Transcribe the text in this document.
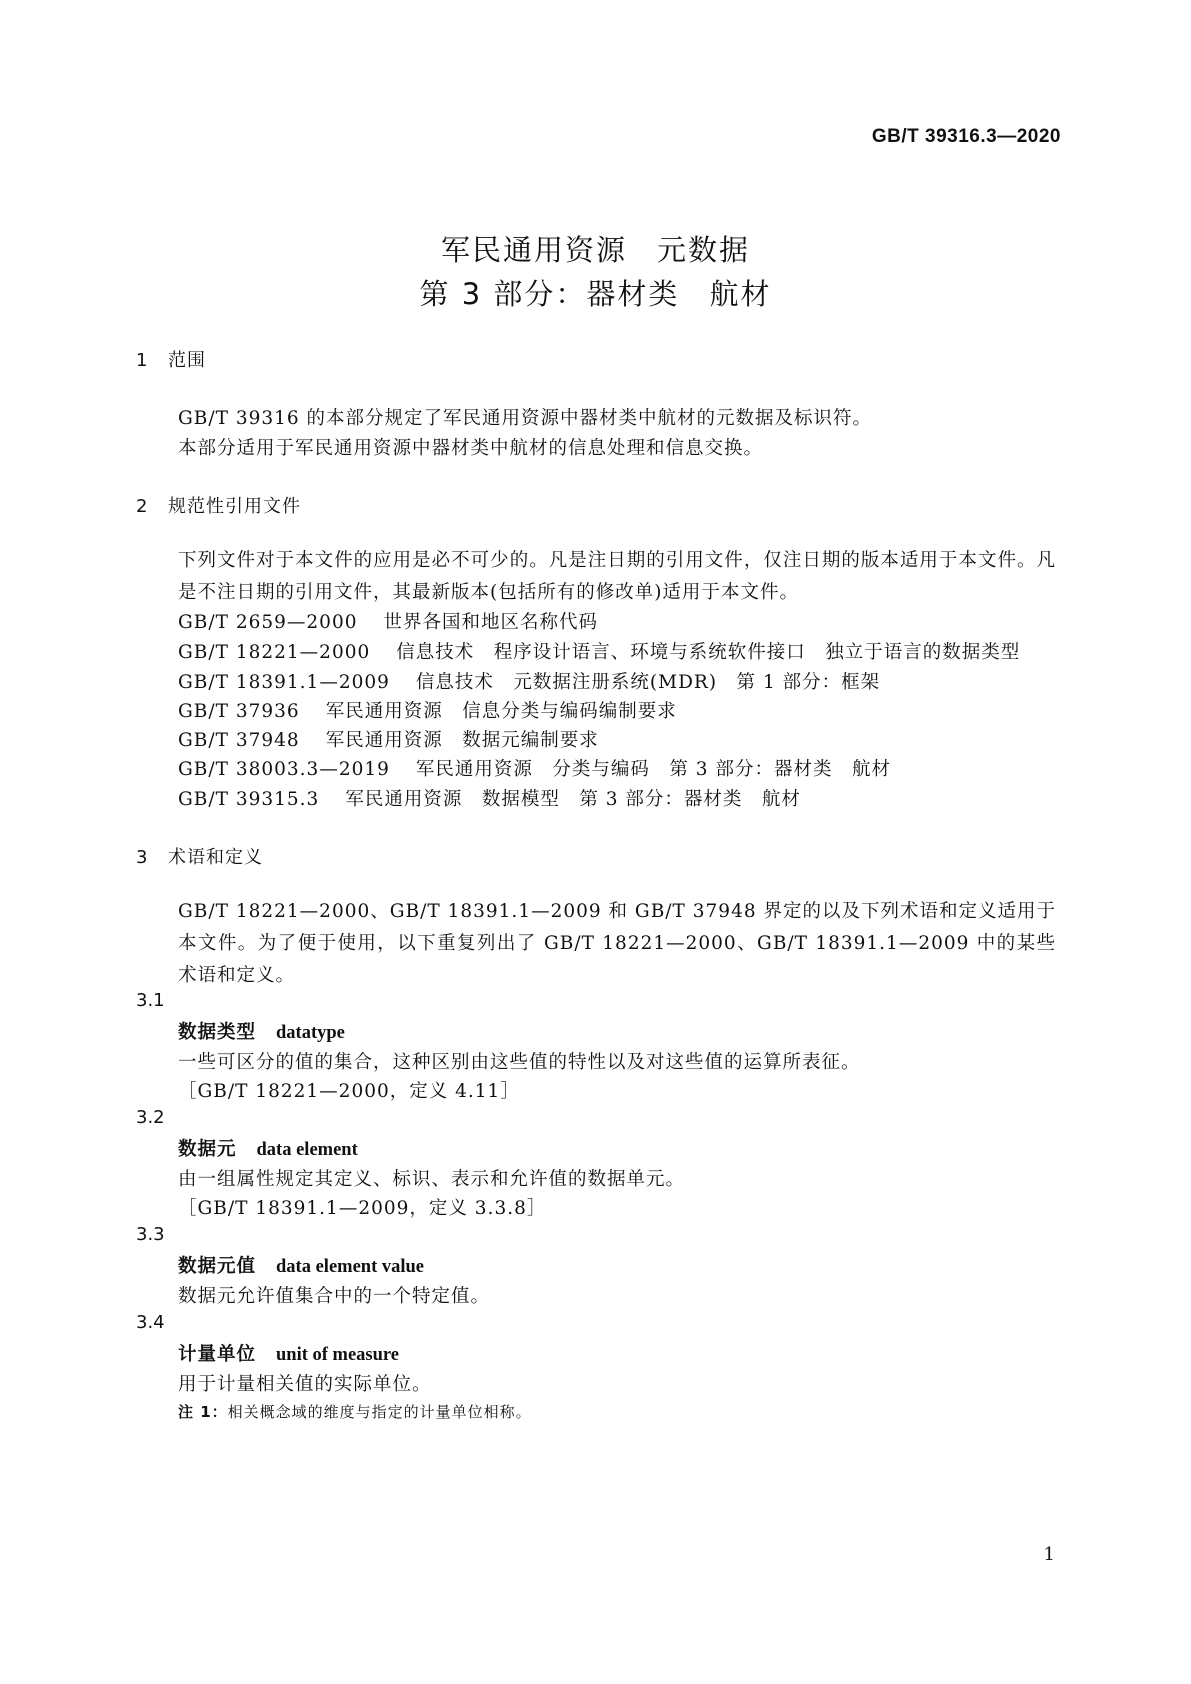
GB/T 39316.3—2020
军民通用资源 元数据
第 3 部分：器材类 航材
1 范围
GB/T 39316 的本部分规定了军民通用资源中器材类中航材的元数据及标识符。
本部分适用于军民通用资源中器材类中航材的信息处理和信息交换。
2 规范性引用文件
下列文件对于本文件的应用是必不可少的。凡是注日期的引用文件，仅注日期的版本适用于本文件。凡是不注日期的引用文件，其最新版本(包括所有的修改单)适用于本文件。
GB/T 2659—2000 世界各国和地区名称代码
GB/T 18221—2000 信息技术　程序设计语言、环境与系统软件接口　独立于语言的数据类型
GB/T 18391.1—2009 信息技术　元数据注册系统(MDR)　第 1 部分：框架
GB/T 37936 军民通用资源　信息分类与编码编制要求
GB/T 37948 军民通用资源　数据元编制要求
GB/T 38003.3—2019 军民通用资源　分类与编码　第 3 部分：器材类　航材
GB/T 39315.3 军民通用资源　数据模型　第 3 部分：器材类　航材
3 术语和定义
GB/T 18221—2000、GB/T 18391.1—2009 和 GB/T 37948 界定的以及下列术语和定义适用于本文件。为了便于使用，以下重复列出了 GB/T 18221—2000、GB/T 18391.1—2009 中的某些术语和定义。
3.1
数据类型 datatype
一些可区分的值的集合，这种区别由这些值的特性以及对这些值的运算所表征。
［GB/T 18221—2000，定义 4.11］
3.2
数据元 data element
由一组属性规定其定义、标识、表示和允许值的数据单元。
［GB/T 18391.1—2009，定义 3.3.8］
3.3
数据元值 data element value
数据元允许值集合中的一个特定值。
3.4
计量单位 unit of measure
用于计量相关值的实际单位。
注 1：相关概念域的维度与指定的计量单位相称。
1
